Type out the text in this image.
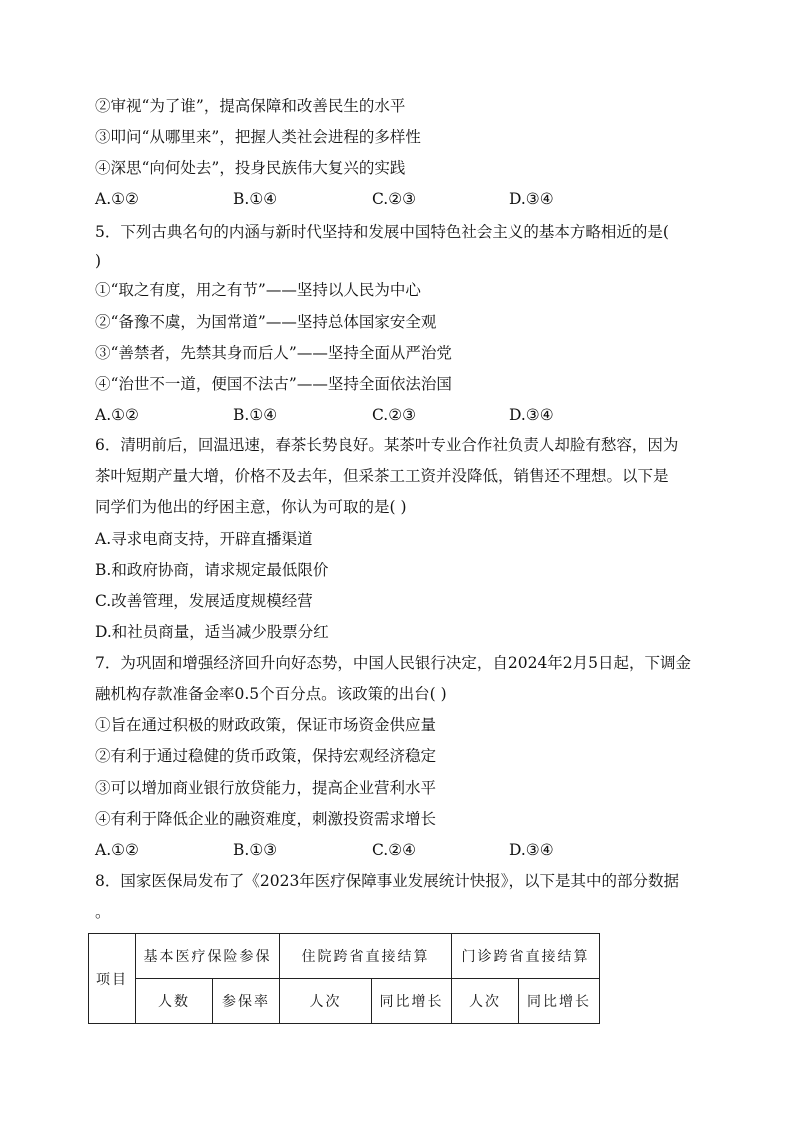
②审视“为了谁”，提高保障和改善民生的水平
③叩问“从哪里来”，把握人类社会进程的多样性
④深思“向何处去”，投身民族伟大复兴的实践
A.①②	B.①④	C.②③	D.③④
5．下列古典名句的内涵与新时代坚持和发展中国特色社会主义的基本方略相近的是(
)
①“取之有度，用之有节”——坚持以人民为中心
②“备豫不虞，为国常道”——坚持总体国家安全观
③“善禁者，先禁其身而后人”——坚持全面从严治党
④“治世不一道，便国不法古”——坚持全面依法治国
A.①②	B.①④	C.②③	D.③④
6．清明前后，回温迅速，春茶长势良好。某茶叶专业合作社负责人却脸有愁容，因为
茶叶短期产量大增，价格不及去年，但采茶工工资并没降低，销售还不理想。以下是
同学们为他出的纾困主意，你认为可取的是( )
A.寻求电商支持，开辟直播渠道
B.和政府协商，请求规定最低限价
C.改善管理，发展适度规模经营
D.和社员商量，适当减少股票分红
7．为巩固和增强经济回升向好态势，中国人民银行决定，自2024年2月5日起，下调金
融机构存款准备金率0.5个百分点。该政策的出台( )
①旨在通过积极的财政政策，保证市场资金供应量
②有利于通过稳健的货币政策，保持宏观经济稳定
③可以增加商业银行放贷能力，提高企业营利水平
④有利于降低企业的融资难度，刺激投资需求增长
A.①②	B.①③	C.②④	D.③④
8．国家医保局发布了《2023年医疗保障事业发展统计快报》，以下是其中的部分数据
。
项目	基本医疗保险参保		住院跨省直接结算		门诊跨省直接结算	
	人数	参保率	人次	同比增长	人次	同比增长
